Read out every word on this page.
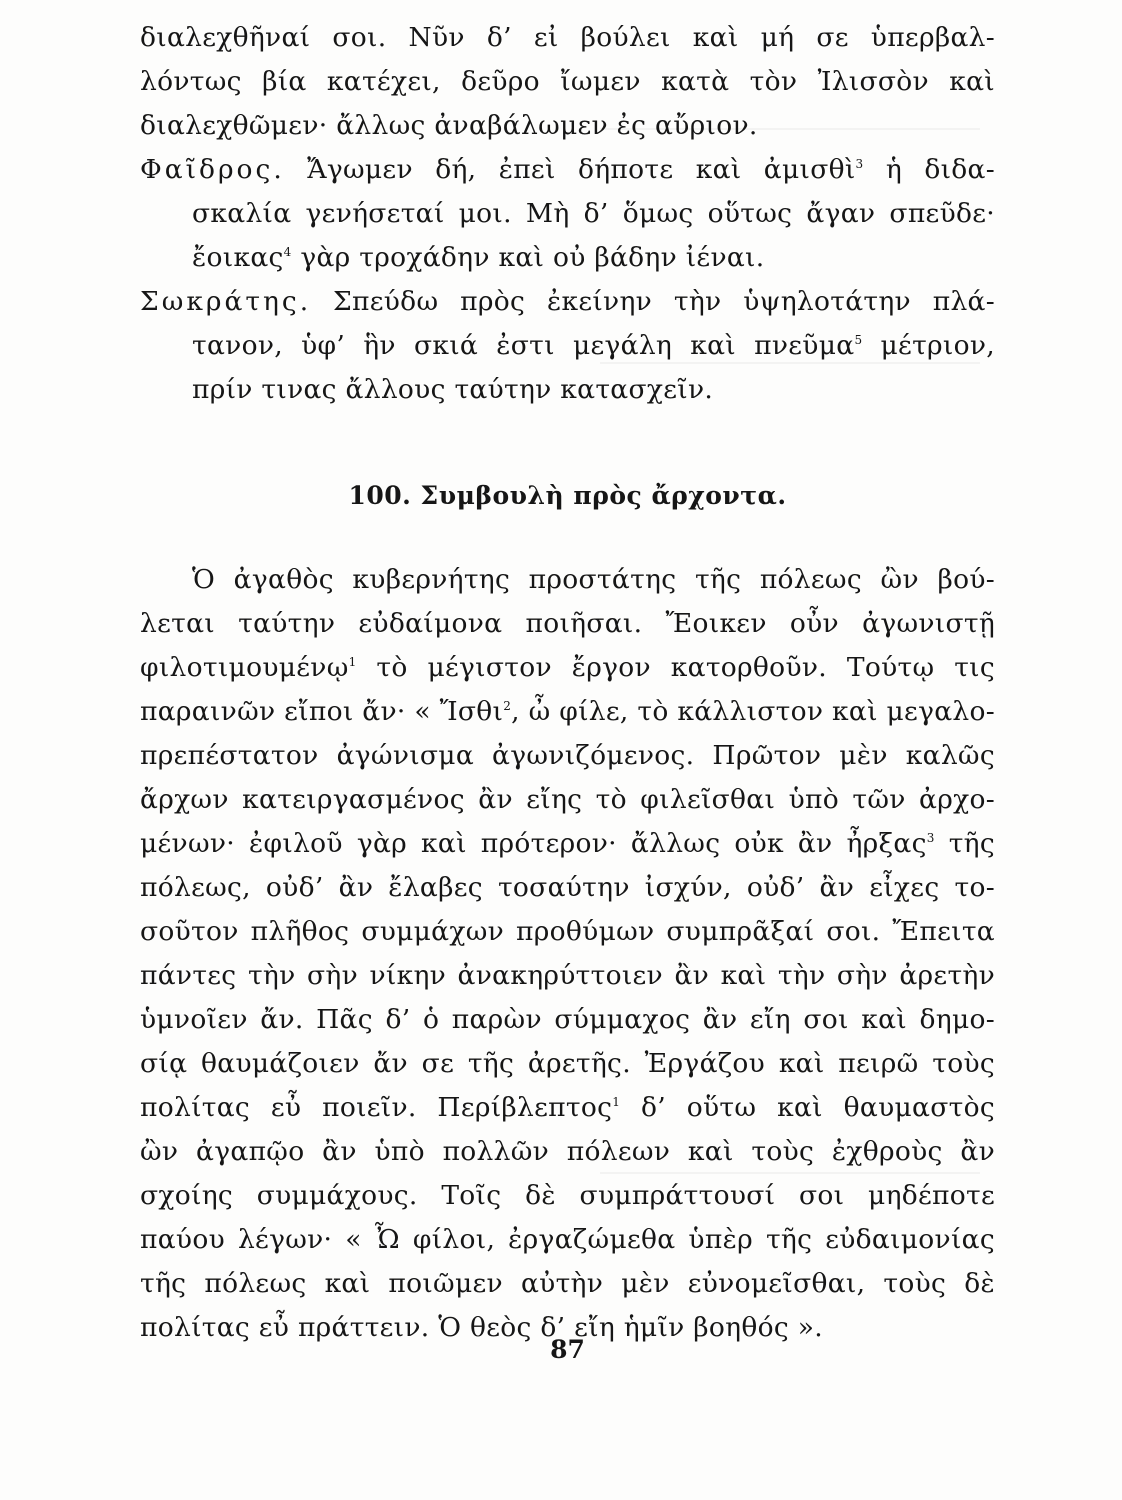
διαλεχθῆναί σοι. Νῦν δ’ εἰ βούλει καὶ μή σε ὑπερβαλ-
λόντως βία κατέχει, δεῦρο ἴωμεν κατὰ τὸν Ἰλισσὸν καὶ
διαλεχθῶμεν· ἄλλως ἀναβάλωμεν ἐς αὔριον.
Φαῖδρος. Ἄγωμεν δή, ἐπεὶ δήποτε καὶ ἀμισθὶ$^3$ ἡ διδα-
σκαλία γενήσεταί μοι. Μὴ δ’ ὅμως οὕτως ἄγαν σπεῦδε·
ἔοικας$^4$ γὰρ τροχάδην καὶ οὐ βάδην ἰέναι.
Σωκράτης. Σπεύδω πρὸς ἐκείνην τὴν ὑψηλοτάτην πλά-
τανον, ὑφ’ ἣν σκιά ἐστι μεγάλη καὶ πνεῦμα$^5$ μέτριον,
πρίν τινας ἄλλους ταύτην κατασχεῖν.
100. Συμβουλὴ πρὸς ἄρχοντα.
Ὁ ἀγαθὸς κυβερνήτης προστάτης τῆς πόλεως ὢν βού-
λεται ταύτην εὐδαίμονα ποιῆσαι. Ἔοικεν οὖν ἀγωνιστῇ
φιλοτιμουμένῳ$^1$ τὸ μέγιστον ἔργον κατορθοῦν. Τούτῳ τις
παραινῶν εἴποι ἄν· « Ἴσθι$^2$, ὦ φίλε, τὸ κάλλιστον καὶ μεγαλο-
πρεπέστατον ἀγώνισμα ἀγωνιζόμενος. Πρῶτον μὲν καλῶς
ἄρχων κατειργασμένος ἂν εἴης τὸ φιλεῖσθαι ὑπὸ τῶν ἀρχο-
μένων· ἐφιλοῦ γὰρ καὶ πρότερον· ἄλλως οὐκ ἂν ἦρξας$^3$ τῆς
πόλεως, οὐδ’ ἂν ἔλαβες τοσαύτην ἰσχύν, οὐδ’ ἂν εἶχες το-
σοῦτον πλῆθος συμμάχων προθύμων συμπρᾶξαί σοι. Ἔπειτα
πάντες τὴν σὴν νίκην ἀνακηρύττοιεν ἂν καὶ τὴν σὴν ἀρετὴν
ὑμνοῖεν ἄν. Πᾶς δ’ ὁ παρὼν σύμμαχος ἂν εἴη σοι καὶ δημο-
σίᾳ θαυμάζοιεν ἄν σε τῆς ἀρετῆς. Ἐργάζου καὶ πειρῶ τοὺς
πολίτας εὖ ποιεῖν. Περίβλεπτος$^1$ δ’ οὕτω καὶ θαυμαστὸς
ὢν ἀγαπῷο ἂν ὑπὸ πολλῶν πόλεων καὶ τοὺς ἐχθροὺς ἂν
σχοίης συμμάχους. Τοῖς δὲ συμπράττουσί σοι μηδέποτε
παύου λέγων· « Ὦ φίλοι, ἐργαζώμεθα ὑπὲρ τῆς εὐδαιμονίας
τῆς πόλεως καὶ ποιῶμεν αὐτὴν μὲν εὐνομεῖσθαι, τοὺς δὲ
πολίτας εὖ πράττειν. Ὁ θεὸς δ’ εἴη ἡμῖν βοηθός ».
87
